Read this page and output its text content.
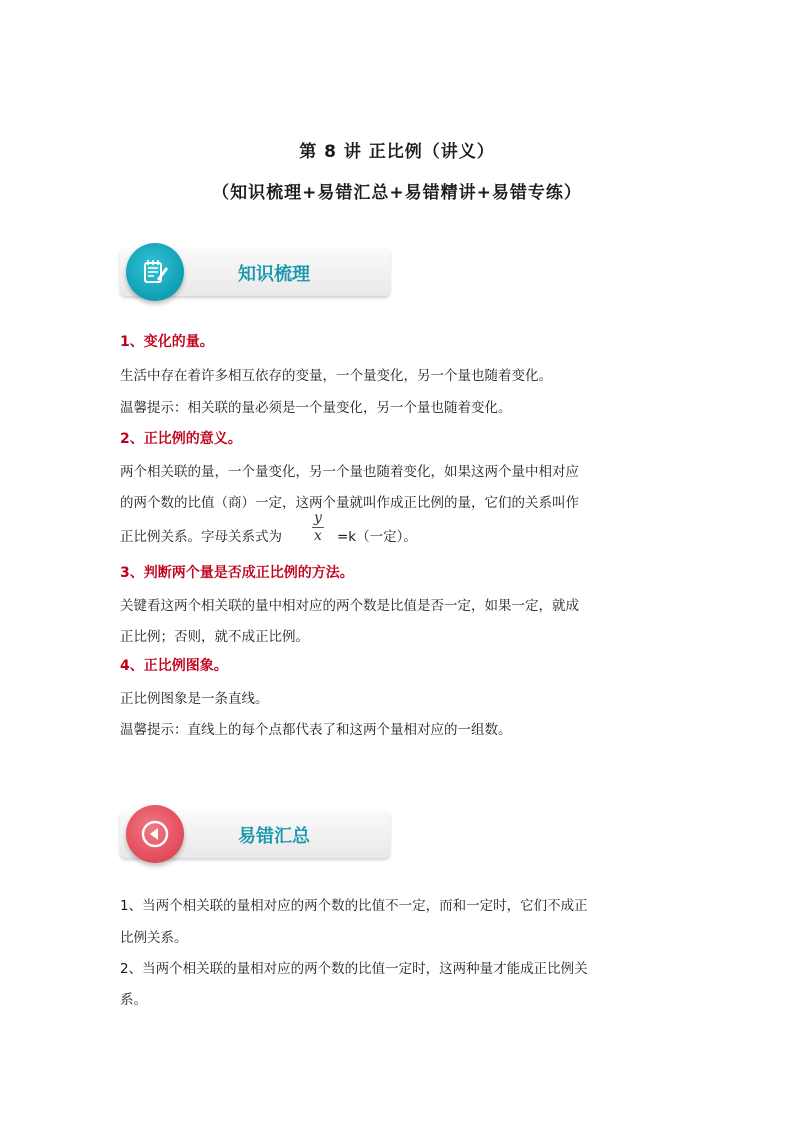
第 8 讲 正比例（讲义）
（知识梳理+易错汇总+易错精讲+易错专练）
知识梳理
1、变化的量。
生活中存在着许多相互依存的变量，一个量变化，另一个量也随着变化。
温馨提示：相关联的量必须是一个量变化，另一个量也随着变化。
2、正比例的意义。
两个相关联的量，一个量变化，另一个量也随着变化，如果这两个量中相对应
的两个数的比值（商）一定，这两个量就叫作成正比例的量，它们的关系叫作
正比例关系。字母关系式为
y
x =k（一定）。
3、判断两个量是否成正比例的方法。
关键看这两个相关联的量中相对应的两个数是比值是否一定，如果一定，就成
正比例；否则，就不成正比例。
4、正比例图象。
正比例图象是一条直线。
温馨提示：直线上的每个点都代表了和这两个量相对应的一组数。
易错汇总
1、当两个相关联的量相对应的两个数的比值不一定，而和一定时，它们不成正
比例关系。
2、当两个相关联的量相对应的两个数的比值一定时，这两种量才能成正比例关
系。
